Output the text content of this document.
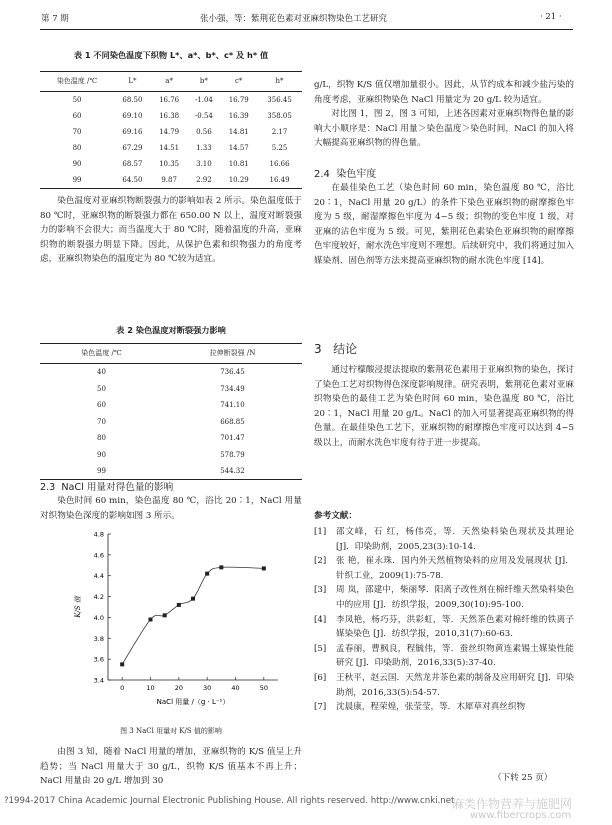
第 7 期	张小强，等：紫荆花色素对亚麻织物染色工艺研究	· 21 ·
表 1 不同染色温度下织物 L*、a*、b*、c* 及 h* 值
染色温度 /℃	L*	a*	b*	c*	h*
50	68.50	16.76	-1.04	16.79	356.45
60	69.10	16.38	-0.54	16.39	358.05
70	69.16	14.79	0.56	14.81	2.17
80	67.29	14.51	1.33	14.57	5.25
90	68.57	10.35	3.10	10.81	16.66
99	64.50	9.87	2.92	10.29	16.49

染色温度对亚麻织物断裂强力的影响如表 2 所示。染色温度低于 80 ℃时，亚麻织物的断裂强力都在 650.00 N 以上，温度对断裂强力的影响不会很大；而当温度大于 80 ℃时，随着温度的升高，亚麻织物的断裂强力明显下降。因此，从保护色素和织物强力的角度考虑，亚麻织物染色的温度定为 80 ℃较为适宜。

表 2 染色温度对断裂强力影响
染色温度 /℃	拉伸断裂强 /N
40	736.45
50	734.49
60	741.10
70	668.85
80	701.47
90	578.79
99	544.32
2.3 NaCl 用量对得色量的影响

染色时间 60 min，染色温度 80 ℃，浴比 20∶1，NaCl 用量对织物染色深度的影响如图 3 所示。

3.4
3.6
3.8
4.0
4.2
4.4
4.6
4.8
0	10	20	30	40	50
K/S 值
NaCl 用量 /（g · L⁻¹）
图 3 NaCl 用量对 K/S 值的影响

由图 3 知，随着 NaCl 用量的增加，亚麻织物的 K/S 值呈上升趋势；当 NaCl 用量大于 30 g/L，织物 K/S 值基本不再上升；NaCl 用量由 20 g/L 增加到 30

g/L，织物 K/S 值仅增加量很小。因此，从节约成本和减少盐污染的角度考虑，亚麻织物染色 NaCl 用量定为 20 g/L 较为适宜。

对比图 1，图 2，图 3 可知，上述各因素对亚麻织物得色量的影响大小顺序是：NaCl 用量＞染色温度＞染色时间，NaCl 的加入将大幅提高亚麻织物的得色量。

2.4 染色牢度

在最佳染色工艺（染色时间 60 min，染色温度 80 ℃，浴比 20∶1，NaCl 用量 20 g/L）的条件下染色亚麻织物的耐摩擦色牢度为 5 级，耐湿摩擦色牢度为 4~5 级；织物的变色牢度 1 级，对亚麻的沾色牢度为 5 级。可见，紫荆花色素染色亚麻织物的耐摩擦色牢度较好，耐水洗色牢度则不理想。后续研究中，我们将通过加入媒染剂、固色剂等方法来提高亚麻织物的耐水洗色牢度 [14]。

3 结论

通过柠檬酸浸提法提取的紫荆花色素用于亚麻织物的染色，探讨了染色工艺对织物得色深度影响规律。研究表明，紫荆花色素对亚麻织物染色的最佳工艺为染色时间 60 min，染色温度 80 ℃，浴比 20∶1，NaCl 用量 20 g/L。NaCl 的加入可显著提高亚麻织物的得色量。在最佳染色工艺下，亚麻织物的耐摩擦色牢度可以达到 4~5 级以上，而耐水洗色牢度有待于进一步提高。

参考文献：
[1]	邵文峰，石 红，杨伟亮，等．天然染料染色现状及其理论 [J]．印染助剂，2005,23(3):10-14.
[2]	张 艳，崔永珠．国内外天然植物染料的应用及发展现状 [J]．针织工业，2009(1):75-78.
[3]	周 岚，邵建中，柴丽琴．阳离子改性剂在棉纤维天然染料染色中的应用 [J]．纺织学报，2009,30(10):95-100.
[4]	李凤艳，杨巧芬，洪彩虹，等．天然茶色素对棉纤维的铁离子媒染染色 [J]．纺织学报，2010,31(7):60-63.
[5]	孟春丽，曹枫良，程毓伟，等．蚕丝织物黄连素锡土媒染性能研究 [J]．印染助剂，2016,33(5):37-40.
[6]	王秋平，赵云国．天然龙井茶色素的制备及应用研究 [J]．印染助剂，2016,33(5):54-57.
[7]	沈晨康，程荣煌，张莹莹，等．木犀草对真丝织物
（下转 25 页）
?1994-2017 China Academic Journal Electronic Publishing House. All rights reserved. http://www.cnki.net
麻类作物营养与施肥网
www.fibercrops.com
